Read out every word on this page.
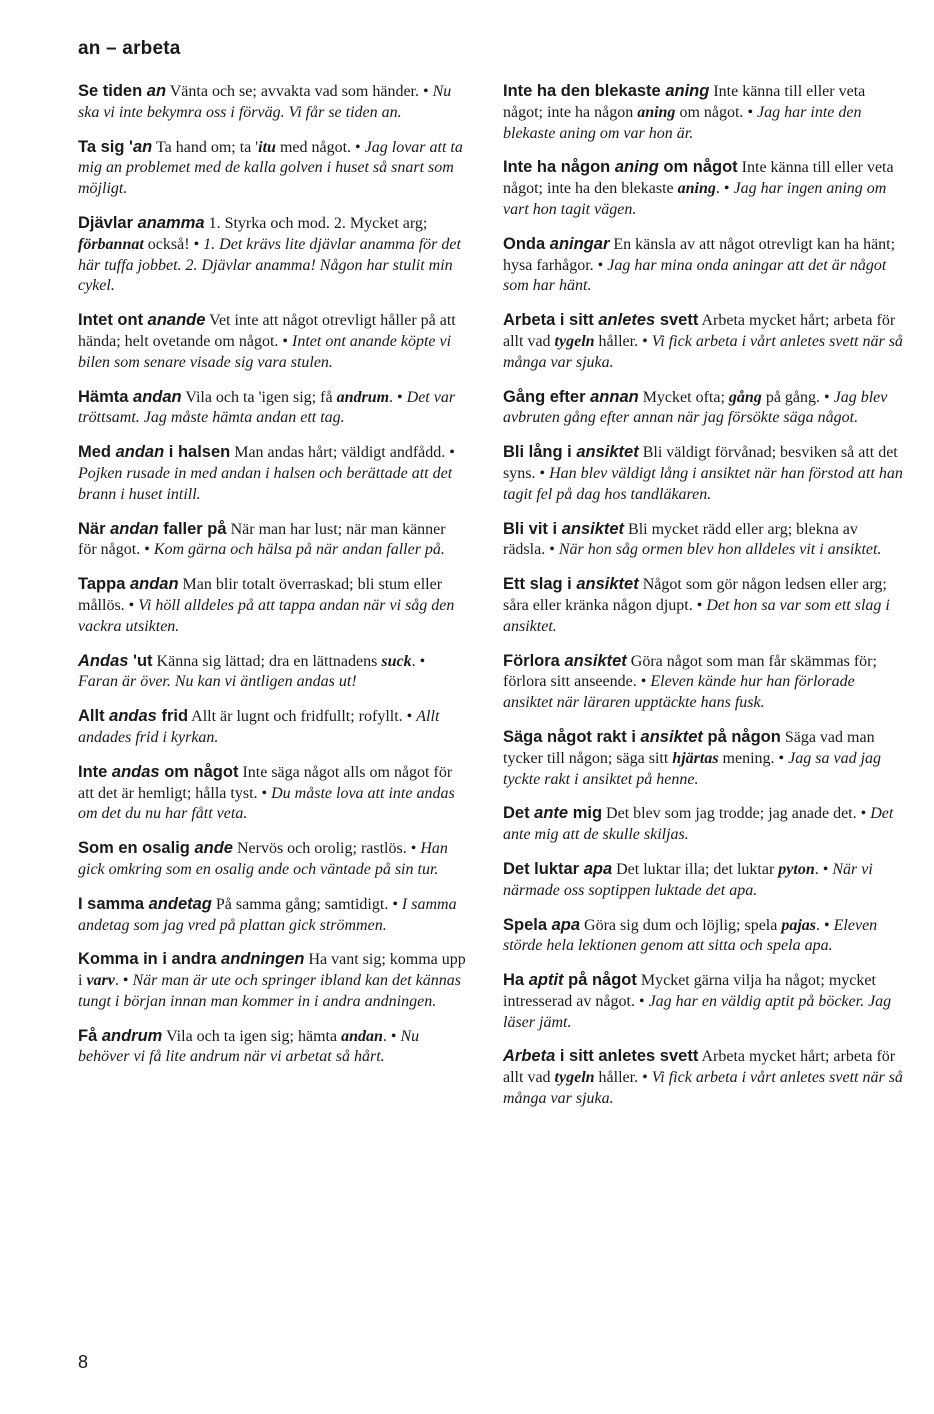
an – arbeta
Se tiden an Vänta och se; avvakta vad som händer. • Nu ska vi inte bekymra oss i förväg. Vi får se tiden an.
Ta sig 'an Ta hand om; ta 'itu med något. • Jag lovar att ta mig an problemet med de kalla golven i huset så snart som möjligt.
Djävlar anamma 1. Styrka och mod. 2. Mycket arg; förbannat också! • 1. Det krävs lite djävlar anamma för det här tuffa jobbet. 2. Djävlar anamma! Någon har stulit min cykel.
Intet ont anande Vet inte att något otrevligt håller på att hända; helt ovetande om något. • Intet ont anande köpte vi bilen som senare visade sig vara stulen.
Hämta andan Vila och ta 'igen sig; få andrum. • Det var tröttsamt. Jag måste hämta andan ett tag.
Med andan i halsen Man andas hårt; väldigt andfådd. • Pojken rusade in med andan i halsen och berättade att det brann i huset intill.
När andan faller på När man har lust; när man känner för något. • Kom gärna och hälsa på när andan faller på.
Tappa andan Man blir totalt överraskad; bli stum eller mållös. • Vi höll alldeles på att tappa andan när vi såg den vackra utsikten.
Andas 'ut Känna sig lättad; dra en lättnadens suck. • Faran är över. Nu kan vi äntligen andas ut!
Allt andas frid Allt är lugnt och fridfullt; rofyllt. • Allt andades frid i kyrkan.
Inte andas om något Inte säga något alls om något för att det är hemligt; hålla tyst. • Du måste lova att inte andas om det du nu har fått veta.
Som en osalig ande Nervös och orolig; rastlös. • Han gick omkring som en osalig ande och väntade på sin tur.
I samma andetag På samma gång; samtidigt. • I samma andetag som jag vred på plattan gick strömmen.
Komma in i andra andningen Ha vant sig; komma upp i varv. • När man är ute och springer ibland kan det kännas tungt i början innan man kommer in i andra andningen.
Få andrum Vila och ta igen sig; hämta andan. • Nu behöver vi få lite andrum när vi arbetat så hårt.
Inte ha den blekaste aning Inte känna till eller veta något; inte ha någon aning om något. • Jag har inte den blekaste aning om var hon är.
Inte ha någon aning om något Inte känna till eller veta något; inte ha den blekaste aning. • Jag har ingen aning om vart hon tagit vägen.
Onda aningar En känsla av att något otrevligt kan ha hänt; hysa farhågor. • Jag har mina onda aningar att det är något som har hänt.
Arbeta i sitt anletes svett Arbeta mycket hårt; arbeta för allt vad tygeln håller. • Vi fick arbeta i vårt anletes svett när så många var sjuka.
Gång efter annan Mycket ofta; gång på gång. • Jag blev avbruten gång efter annan när jag försökte säga något.
Bli lång i ansiktet Bli väldigt förvånad; besviken så att det syns. • Han blev väldigt lång i ansiktet när han förstod att han tagit fel på dag hos tandläkaren.
Bli vit i ansiktet Bli mycket rädd eller arg; blekna av rädsla. • När hon såg ormen blev hon alldeles vit i ansiktet.
Ett slag i ansiktet Något som gör någon ledsen eller arg; såra eller kränka någon djupt. • Det hon sa var som ett slag i ansiktet.
Förlora ansiktet Göra något som man får skämmas för; förlora sitt anseende. • Eleven kände hur han förlorade ansiktet när läraren upptäckte hans fusk.
Säga något rakt i ansiktet på någon Säga vad man tycker till någon; säga sitt hjärtas mening. • Jag sa vad jag tyckte rakt i ansiktet på henne.
Det ante mig Det blev som jag trodde; jag anade det. • Det ante mig att de skulle skiljas.
Det luktar apa Det luktar illa; det luktar pyton. • När vi närmade oss soptippen luktade det apa.
Spela apa Göra sig dum och löjlig; spela pajas. • Eleven störde hela lektionen genom att sitta och spela apa.
Ha aptit på något Mycket gärna vilja ha något; mycket intresserad av något. • Jag har en väldig aptit på böcker. Jag läser jämt.
Arbeta i sitt anletes svett Arbeta mycket hårt; arbeta för allt vad tygeln håller. • Vi fick arbeta i vårt anletes svett när så många var sjuka.
8
